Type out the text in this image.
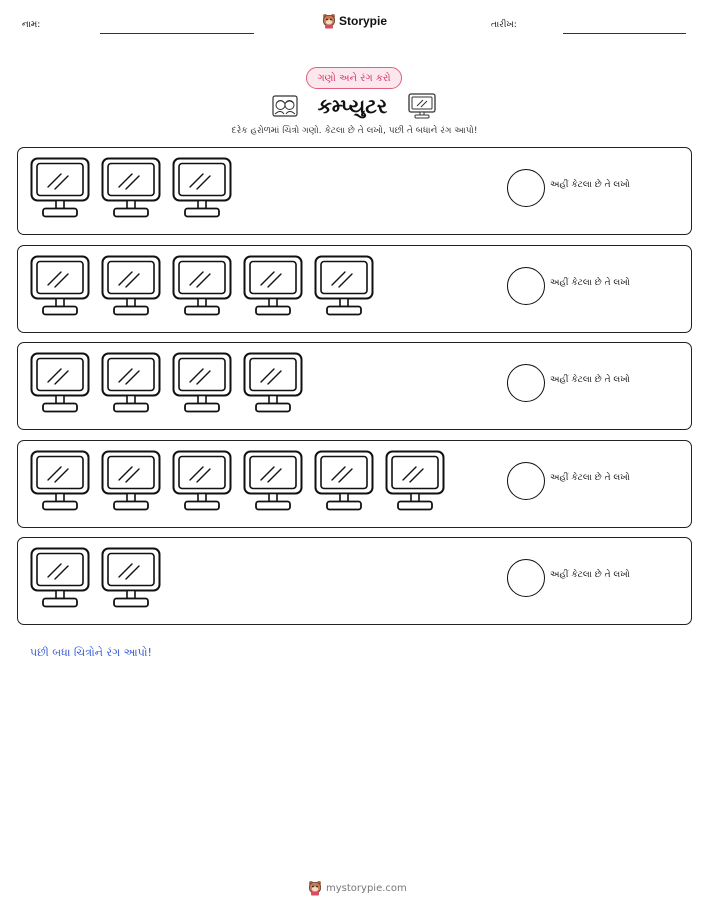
નામ:	Storypie	તારીખ:
ગણો અને રંગ કરો
કમ્પ્યુટર
દરેક હરોળમાં ચિત્રો ગણો. કેટલા છે તે લખો, પછી તે બધાને રંગ આપો!
અહીં કેટલા છે તે લખો
અહીં કેટલા છે તે લખો
અહીં કેટલા છે તે લખો
અહીં કેટલા છે તે લખો
અહીં કેટલા છે તે લખો
પછી બધા ચિત્રોને રંગ આપો!
mystorypie.com
